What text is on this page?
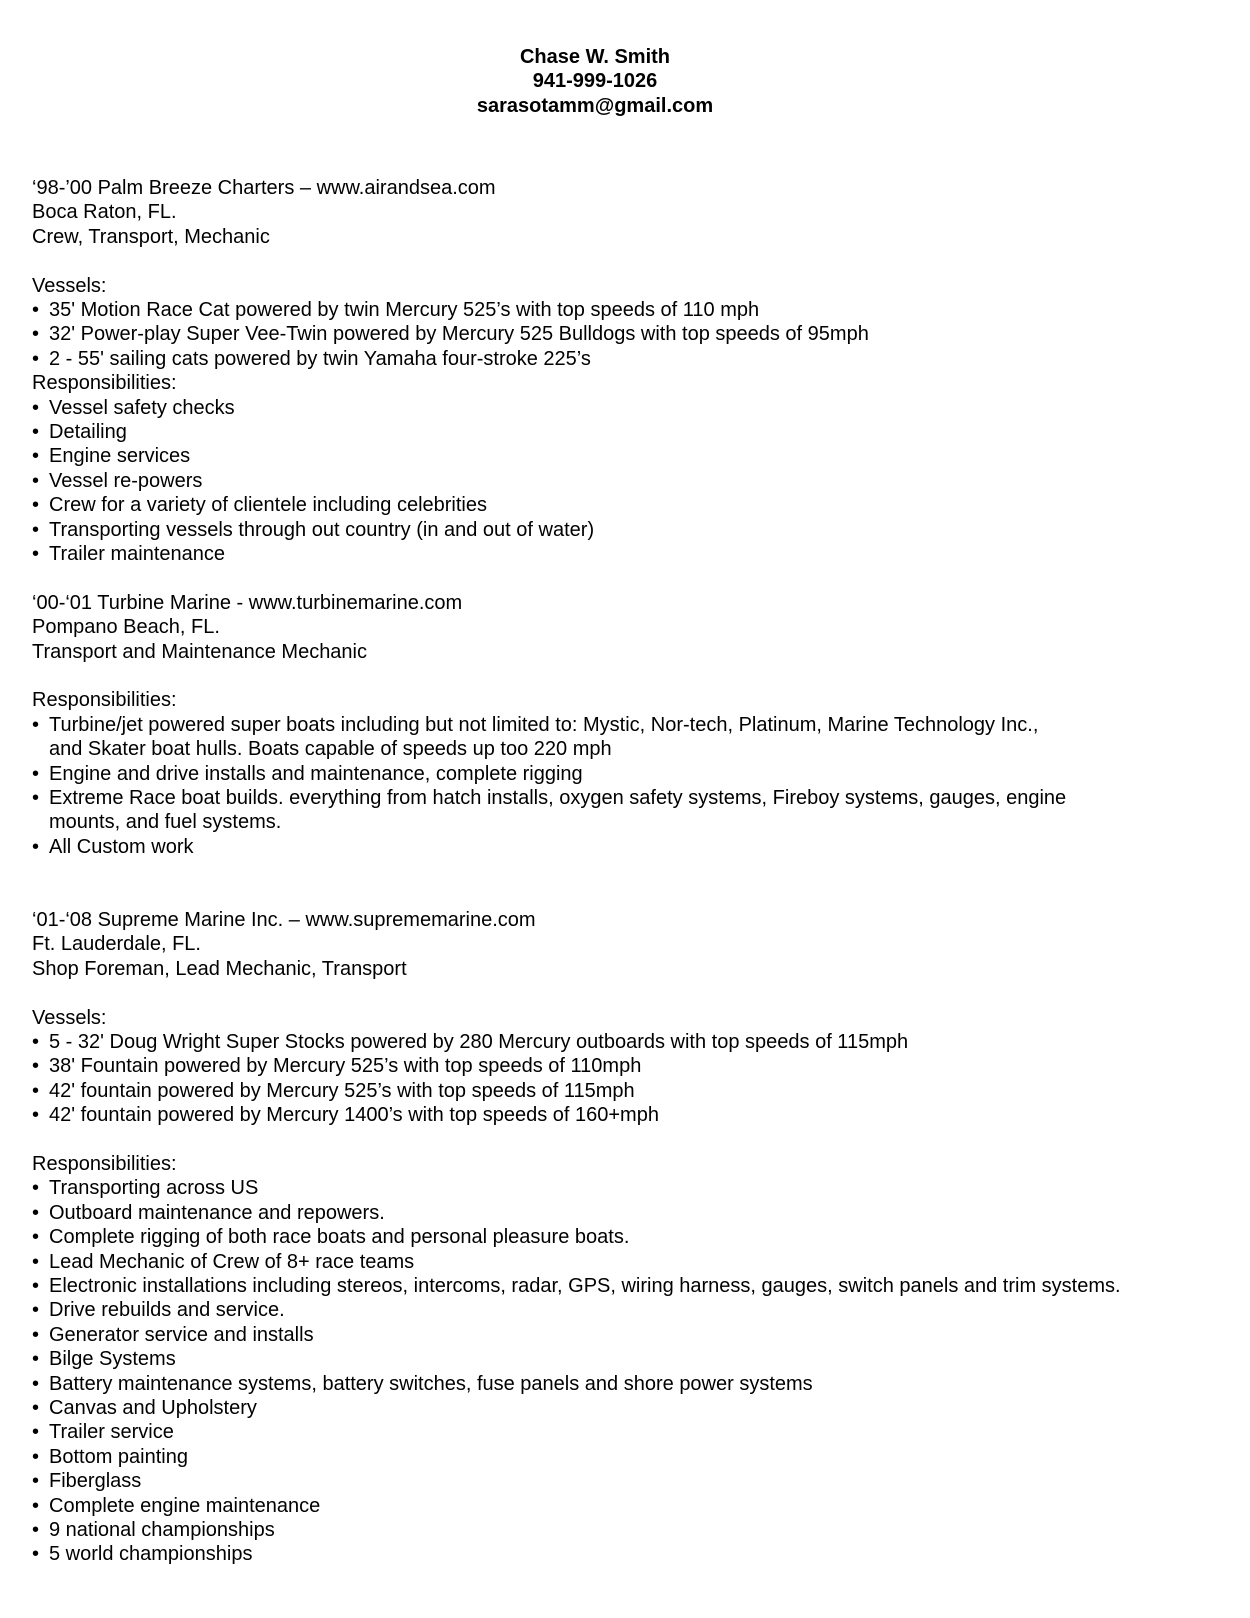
Chase W. Smith
941-999-1026
sarasotamm@gmail.com
‘98-’00 Palm Breeze Charters – www.airandsea.com
Boca Raton, FL.
Crew, Transport, Mechanic
Vessels:
• 35' Motion Race Cat powered by twin Mercury 525’s with top speeds of 110 mph
• 32' Power-play Super Vee-Twin powered by Mercury 525 Bulldogs with top speeds of 95mph
• 2 - 55' sailing cats powered by twin Yamaha four-stroke 225’s
Responsibilities:
• Vessel safety checks
• Detailing
• Engine services
• Vessel re-powers
• Crew for a variety of clientele including celebrities
• Transporting vessels through out country (in and out of water)
• Trailer maintenance
‘00-‘01 Turbine Marine - www.turbinemarine.com
Pompano Beach, FL.
Transport and Maintenance Mechanic
Responsibilities:
• Turbine/jet powered super boats including but not limited to: Mystic, Nor-tech, Platinum, Marine Technology Inc.,
and Skater boat hulls. Boats capable of speeds up too 220 mph
• Engine and drive installs and maintenance, complete rigging
• Extreme Race boat builds. everything from hatch installs, oxygen safety systems, Fireboy systems, gauges, engine
mounts, and fuel systems.
• All Custom work
‘01-‘08 Supreme Marine Inc. – www.suprememarine.com
Ft. Lauderdale, FL.
Shop Foreman, Lead Mechanic, Transport
Vessels:
• 5 - 32' Doug Wright Super Stocks powered by 280 Mercury outboards with top speeds of 115mph
• 38' Fountain powered by Mercury 525’s with top speeds of 110mph
• 42' fountain powered by Mercury 525’s with top speeds of 115mph
• 42' fountain powered by Mercury 1400’s with top speeds of 160+mph
Responsibilities:
• Transporting across US
• Outboard maintenance and repowers.
• Complete rigging of both race boats and personal pleasure boats.
• Lead Mechanic of Crew of 8+ race teams
• Electronic installations including stereos, intercoms, radar, GPS, wiring harness, gauges, switch panels and trim systems.
• Drive rebuilds and service.
• Generator service and installs
• Bilge Systems
• Battery maintenance systems, battery switches, fuse panels and shore power systems
• Canvas and Upholstery
• Trailer service
• Bottom painting
• Fiberglass
• Complete engine maintenance
• 9 national championships
• 5 world championships
